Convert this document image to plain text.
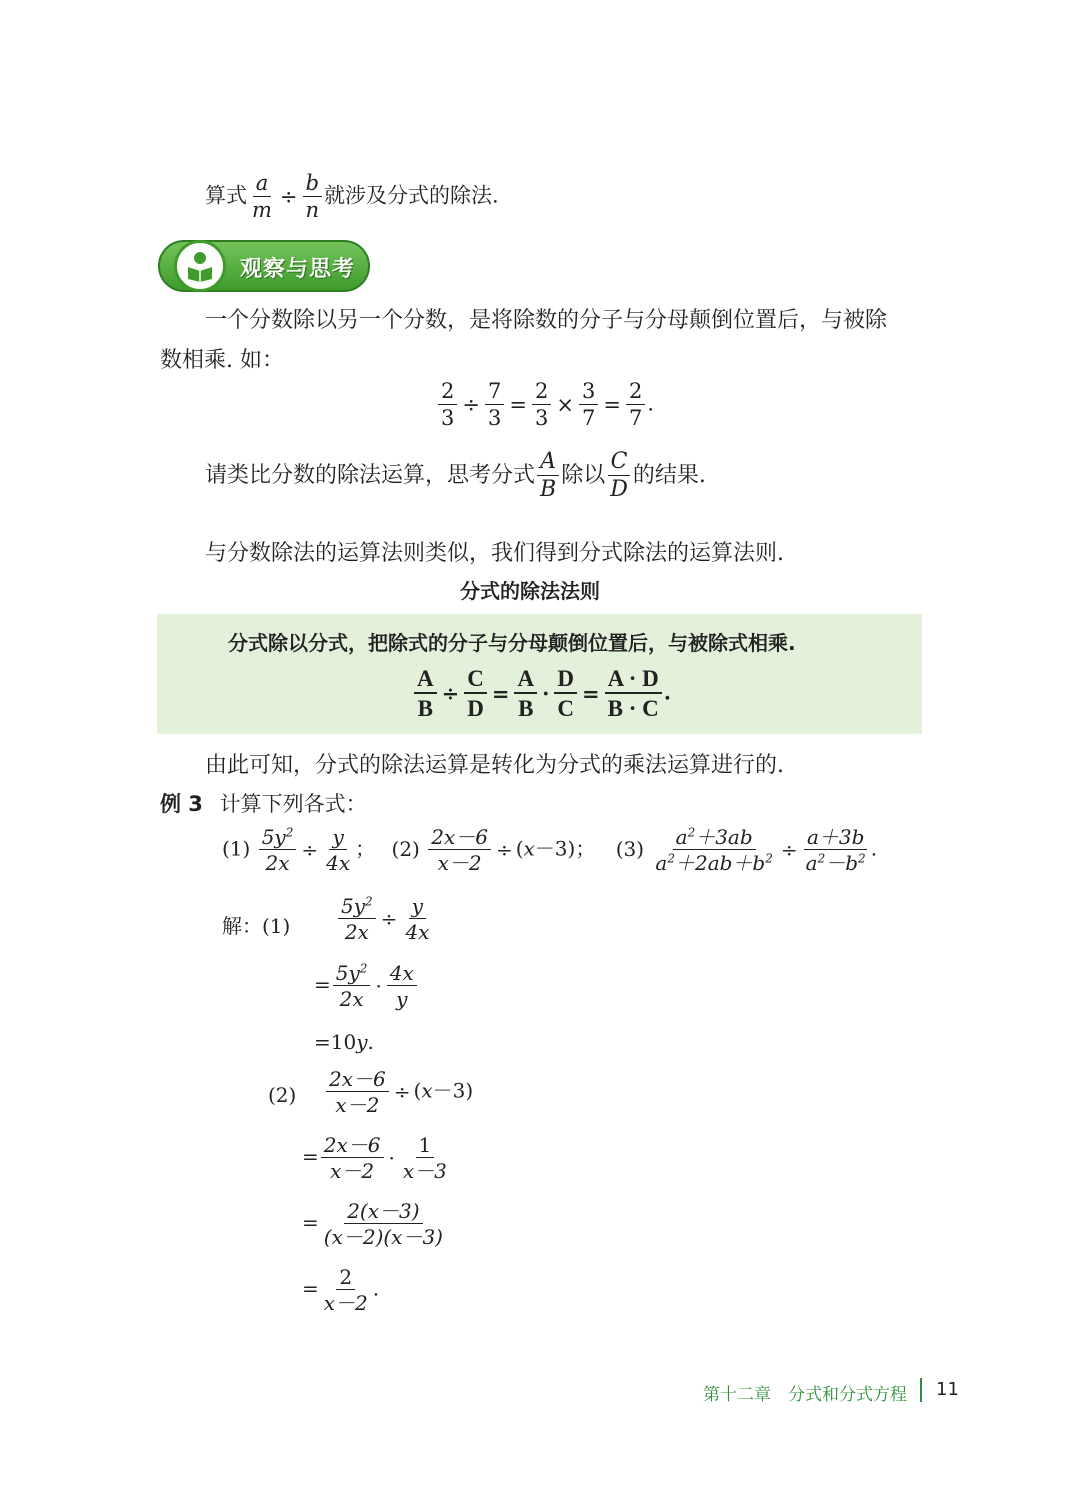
算式 $\frac{a}{m} \div \frac{b}{n}$ 就涉及分式的除法.
观察与思考
一个分数除以另一个分数，是将除数的分子与分母颠倒位置后，与被除
数相乘. 如：
$\frac{2}{3} \div \frac{7}{3} = \frac{2}{3} \times \frac{3}{7} = \frac{2}{7}$ .
请类比分数的除法运算，思考分式 $\frac{A}{B}$ 除以 $\frac{C}{D}$ 的结果.
与分数除法的运算法则类似，我们得到分式除法的运算法则.
分式的除法法则
分式除以分式，把除式的分子与分母颠倒位置后，与被除式相乘.
$\frac{A}{B} \div \frac{C}{D} = \frac{A}{B} \cdot \frac{D}{C} = \frac{A \cdot D}{B \cdot C}$ .
由此可知，分式的除法运算是转化为分式的乘法运算进行的.
例 3 计算下列各式：
$(1) \frac{5y^2}{2x} \div \frac{y}{4x}$ ； $(2) \frac{2x-6}{x-2} \div (x-3)$； $(3) \frac{a^2+3ab}{a^2+2ab+b^2} \div \frac{a+3b}{a^2-b^2}$ .
解：$(1) \frac{5y^2}{2x} \div \frac{y}{4x}$
= $\frac{5y^2}{2x} \cdot \frac{4x}{y}$
=10y.
$(2) \frac{2x-6}{x-2} \div (x-3)$
= $\frac{2x-6}{x-2} \cdot \frac{1}{x-3}$
= $\frac{2(x-3)}{(x-2)(x-3)}$
= $\frac{2}{x-2}$ .
第十二章　分式和分式方程 11
